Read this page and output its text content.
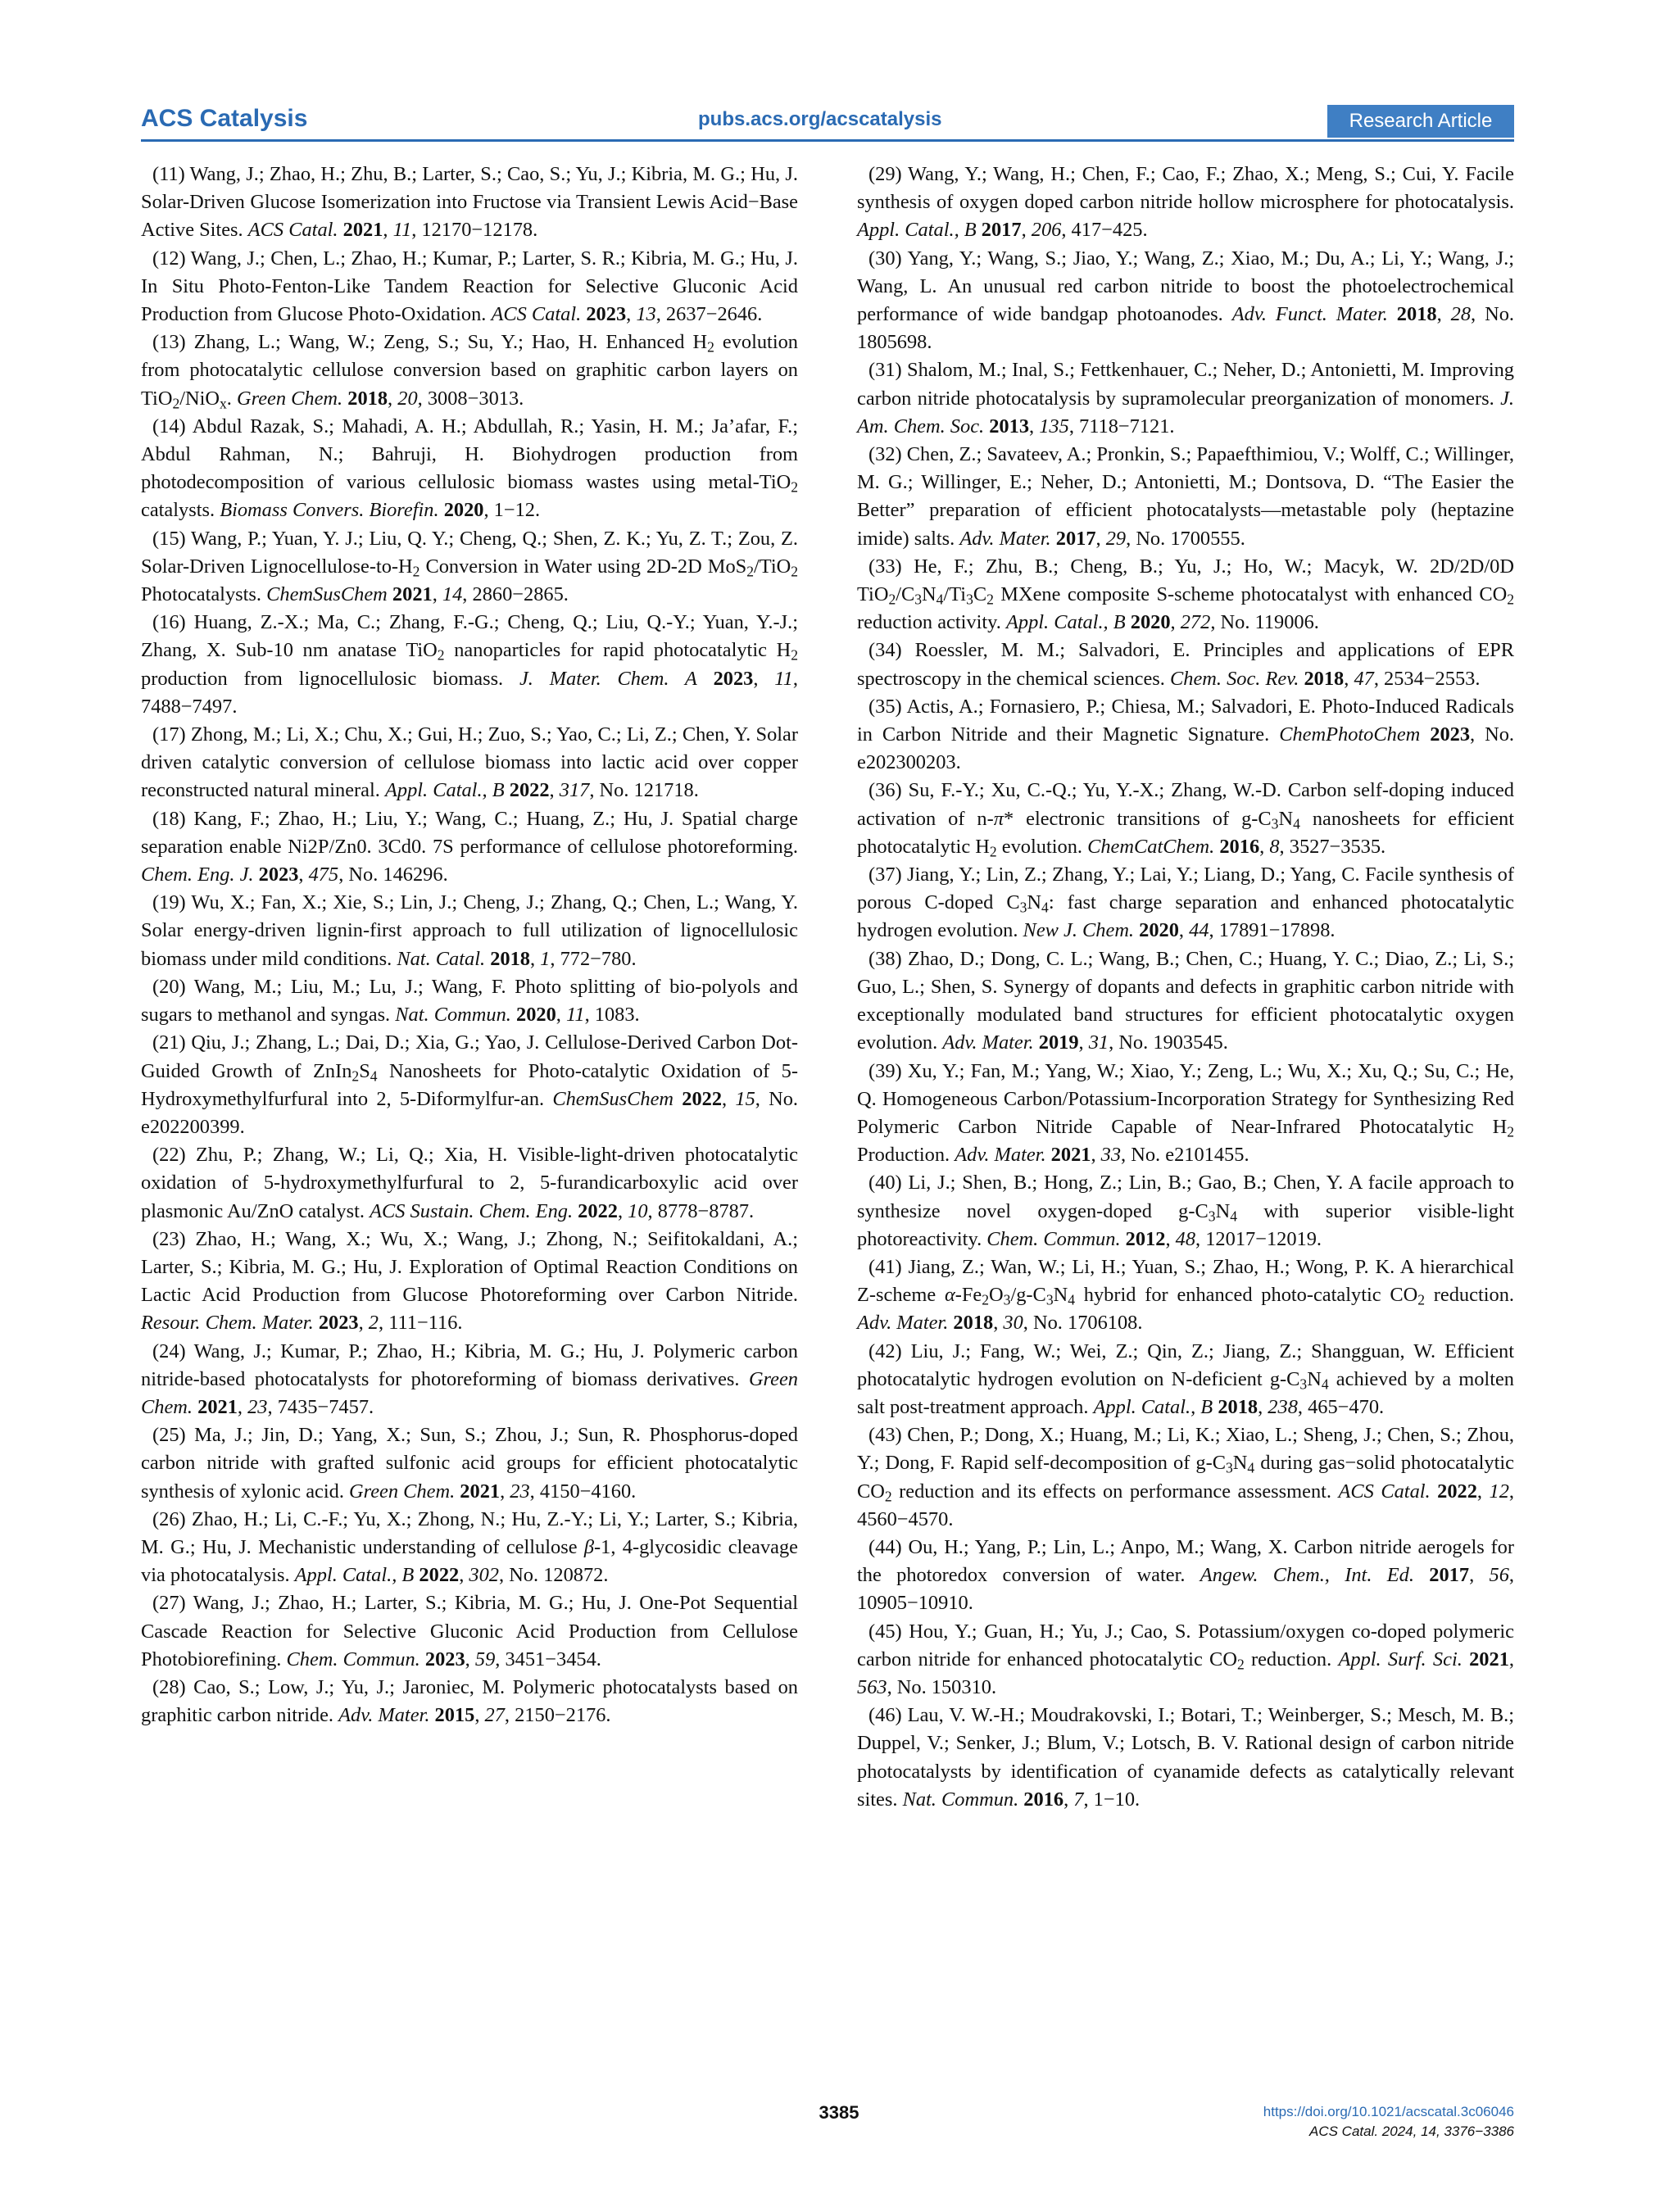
ACS Catalysis	pubs.acs.org/acscatalysis	Research Article

(11) Wang, J.; Zhao, H.; Zhu, B.; Larter, S.; Cao, S.; Yu, J.; Kibria, M. G.; Hu, J. Solar-Driven Glucose Isomerization into Fructose via Transient Lewis Acid−Base Active Sites. ACS Catal. 2021, 11, 12170−12178.

(12) Wang, J.; Chen, L.; Zhao, H.; Kumar, P.; Larter, S. R.; Kibria, M. G.; Hu, J. In Situ Photo-Fenton-Like Tandem Reaction for Selective Gluconic Acid Production from Glucose Photo-Oxidation. ACS Catal. 2023, 13, 2637−2646.

(13) Zhang, L.; Wang, W.; Zeng, S.; Su, Y.; Hao, H. Enhanced $H_2$ evolution from photocatalytic cellulose conversion based on graphitic carbon layers on TiO$_2$/NiO$_x$. Green Chem. 2018, 20, 3008−3013.

(14) Abdul Razak, S.; Mahadi, A. H.; Abdullah, R.; Yasin, H. M.; Ja’afar, F.; Abdul Rahman, N.; Bahruji, H. Biohydrogen production from photodecomposition of various cellulosic biomass wastes using metal-TiO$_2$ catalysts. Biomass Convers. Biorefin. 2020, 1−12.

(15) Wang, P.; Yuan, Y. J.; Liu, Q. Y.; Cheng, Q.; Shen, Z. K.; Yu, Z. T.; Zou, Z. Solar-Driven Lignocellulose-$to-H_2$ Conversion in Water using 2D-2D MoS$_2$/TiO$_2$ Photocatalysts. ChemSusChem 2021, 14, 2860−2865.

(16) Huang, Z.-X.; Ma, C.; Zhang, F.-G.; Cheng, Q.; Liu, Q.-Y.; Yuan, Y.-J.; Zhang, X. Sub-10 nm anatase TiO$_2$ nanoparticles for rapid photocatalytic $H_2$ production from lignocellulosic biomass. J. Mater. Chem. A 2023, 11, 7488−7497.

(17) Zhong, M.; Li, X.; Chu, X.; Gui, H.; Zuo, S.; Yao, C.; Li, Z.; Chen, Y. Solar driven catalytic conversion of cellulose biomass into lactic acid over copper reconstructed natural mineral. Appl. Catal., B 2022, 317, No. 121718.

(18) Kang, F.; Zhao, H.; Liu, Y.; Wang, C.; Huang, Z.; Hu, J. Spatial charge separation enable Ni2P/Zn0. 3Cd0. 7S performance of cellulose photoreforming. Chem. Eng. J. 2023, 475, No. 146296.

(19) Wu, X.; Fan, X.; Xie, S.; Lin, J.; Cheng, J.; Zhang, Q.; Chen, L.; Wang, Y. Solar energy-driven lignin-first approach to full utilization of lignocellulosic biomass under mild conditions. Nat. Catal. 2018, 1, 772−780.

(20) Wang, M.; Liu, M.; Lu, J.; Wang, F. Photo splitting of bio-polyols and sugars to methanol and syngas. Nat. Commun. 2020, 11, 1083.

(21) Qiu, J.; Zhang, L.; Dai, D.; Xia, G.; Yao, J. Cellulose-Derived Carbon Dot-Guided Growth of $ZnIn_2S_4$ Nanosheets for Photo-catalytic Oxidation of 5-Hydroxymethylfurfural into 2, 5-Diformylfur-an. ChemSusChem 2022, 15, No. e202200399.

(22) Zhu, P.; Zhang, W.; Li, Q.; Xia, H. Visible-light-driven photocatalytic oxidation of 5-hydroxymethylfurfural to 2, 5-furandicarboxylic acid over plasmonic Au/ZnO catalyst. ACS Sustain. Chem. Eng. 2022, 10, 8778−8787.

(23) Zhao, H.; Wang, X.; Wu, X.; Wang, J.; Zhong, N.; Seifitokaldani, A.; Larter, S.; Kibria, M. G.; Hu, J. Exploration of Optimal Reaction Conditions on Lactic Acid Production from Glucose Photoreforming over Carbon Nitride. Resour. Chem. Mater. 2023, 2, 111−116.

(24) Wang, J.; Kumar, P.; Zhao, H.; Kibria, M. G.; Hu, J. Polymeric carbon nitride-based photocatalysts for photoreforming of biomass derivatives. Green Chem. 2021, 23, 7435−7457.

(25) Ma, J.; Jin, D.; Yang, X.; Sun, S.; Zhou, J.; Sun, R. Phosphorus-doped carbon nitride with grafted sulfonic acid groups for efficient photocatalytic synthesis of xylonic acid. Green Chem. 2021, 23, 4150−4160.

(26) Zhao, H.; Li, C.-F.; Yu, X.; Zhong, N.; Hu, Z.-Y.; Li, Y.; Larter, S.; Kibria, M. G.; Hu, J. Mechanistic understanding of cellulose β-1, 4-glycosidic cleavage via photocatalysis. Appl. Catal., B 2022, 302, No. 120872.

(27) Wang, J.; Zhao, H.; Larter, S.; Kibria, M. G.; Hu, J. One-Pot Sequential Cascade Reaction for Selective Gluconic Acid Production from Cellulose Photobiorefining. Chem. Commun. 2023, 59, 3451−3454.

(28) Cao, S.; Low, J.; Yu, J.; Jaroniec, M. Polymeric photocatalysts based on graphitic carbon nitride. Adv. Mater. 2015, 27, 2150−2176.

(29) Wang, Y.; Wang, H.; Chen, F.; Cao, F.; Zhao, X.; Meng, S.; Cui, Y. Facile synthesis of oxygen doped carbon nitride hollow microsphere for photocatalysis. Appl. Catal., B 2017, 206, 417−425.

(30) Yang, Y.; Wang, S.; Jiao, Y.; Wang, Z.; Xiao, M.; Du, A.; Li, Y.; Wang, J.; Wang, L. An unusual red carbon nitride to boost the photoelectrochemical performance of wide bandgap photoanodes. Adv. Funct. Mater. 2018, 28, No. 1805698.

(31) Shalom, M.; Inal, S.; Fettkenhauer, C.; Neher, D.; Antonietti, M. Improving carbon nitride photocatalysis by supramolecular preorganization of monomers. J. Am. Chem. Soc. 2013, 135, 7118−7121.

(32) Chen, Z.; Savateev, A.; Pronkin, S.; Papaefthimiou, V.; Wolff, C.; Willinger, M. G.; Willinger, E.; Neher, D.; Antonietti, M.; Dontsova, D. “The Easier the Better” preparation of efficient photocatalysts—metastable poly (heptazine imide) salts. Adv. Mater. 2017, 29, No. 1700555.

(33) He, F.; Zhu, B.; Cheng, B.; Yu, J.; Ho, W.; Macyk, W. 2D/2D/0D $TiO_2/C_3N_4/Ti_3C_2$ MXene composite S-scheme photocatalyst with enhanced $CO_2$ reduction activity. Appl. Catal., B 2020, 272, No. 119006.

(34) Roessler, M. M.; Salvadori, E. Principles and applications of EPR spectroscopy in the chemical sciences. Chem. Soc. Rev. 2018, 47, 2534−2553.

(35) Actis, A.; Fornasiero, P.; Chiesa, M.; Salvadori, E. Photo-Induced Radicals in Carbon Nitride and their Magnetic Signature. ChemPhotoChem 2023, No. e202300203.

(36) Su, F.-Y.; Xu, C.-Q.; Yu, Y.-X.; Zhang, W.-D. Carbon self-doping induced activation of n-π* electronic transitions of $g-C_3N_4$ nanosheets for efficient photocatalytic $H_2$ evolution. ChemCatChem. 2016, 8, 3527−3535.

(37) Jiang, Y.; Lin, Z.; Zhang, Y.; Lai, Y.; Liang, D.; Yang, C. Facile synthesis of porous C-doped $C_3N_4$: fast charge separation and enhanced photocatalytic hydrogen evolution. New J. Chem. 2020, 44, 17891−17898.

(38) Zhao, D.; Dong, C. L.; Wang, B.; Chen, C.; Huang, Y. C.; Diao, Z.; Li, S.; Guo, L.; Shen, S. Synergy of dopants and defects in graphitic carbon nitride with exceptionally modulated band structures for efficient photocatalytic oxygen evolution. Adv. Mater. 2019, 31, No. 1903545.

(39) Xu, Y.; Fan, M.; Yang, W.; Xiao, Y.; Zeng, L.; Wu, X.; Xu, Q.; Su, C.; He, Q. Homogeneous Carbon/Potassium-Incorporation Strategy for Synthesizing Red Polymeric Carbon Nitride Capable of Near-Infrared Photocatalytic $H_2$ Production. Adv. Mater. 2021, 33, No. e2101455.

(40) Li, J.; Shen, B.; Hong, Z.; Lin, B.; Gao, B.; Chen, Y. A facile approach to synthesize novel oxygen-doped $g-C_3N_4$ with superior visible-light photoreactivity. Chem. Commun. 2012, 48, 12017−12019.

(41) Jiang, Z.; Wan, W.; Li, H.; Yuan, S.; Zhao, H.; Wong, P. K. A hierarchical Z-scheme $\alpha-Fe_2O_3/g-C_3N_4$ hybrid for enhanced photo-catalytic $CO_2$ reduction. Adv. Mater. 2018, 30, No. 1706108.

(42) Liu, J.; Fang, W.; Wei, Z.; Qin, Z.; Jiang, Z.; Shangguan, W. Efficient photocatalytic hydrogen evolution on N-deficient $g-C_3N_4$ achieved by a molten salt post-treatment approach. Appl. Catal., B 2018, 238, 465−470.

(43) Chen, P.; Dong, X.; Huang, M.; Li, K.; Xiao, L.; Sheng, J.; Chen, S.; Zhou, Y.; Dong, F. Rapid self-decomposition of $g-C_3N_4$ during gas−solid photocatalytic $CO_2$ reduction and its effects on performance assessment. ACS Catal. 2022, 12, 4560−4570.

(44) Ou, H.; Yang, P.; Lin, L.; Anpo, M.; Wang, X. Carbon nitride aerogels for the photoredox conversion of water. Angew. Chem., Int. Ed. 2017, 56, 10905−10910.

(45) Hou, Y.; Guan, H.; Yu, J.; Cao, S. Potassium/oxygen co-doped polymeric carbon nitride for enhanced photocatalytic $CO_2$ reduction. Appl. Surf. Sci. 2021, 563, No. 150310.

(46) Lau, V. W.-H.; Moudrakovski, I.; Botari, T.; Weinberger, S.; Mesch, M. B.; Duppel, V.; Senker, J.; Blum, V.; Lotsch, B. V. Rational design of carbon nitride photocatalysts by identification of cyanamide defects as catalytically relevant sites. Nat. Commun. 2016, 7, 1−10.

3385	https://doi.org/10.1021/acscatal.3c06046
ACS Catal. 2024, 14, 3376−3386
